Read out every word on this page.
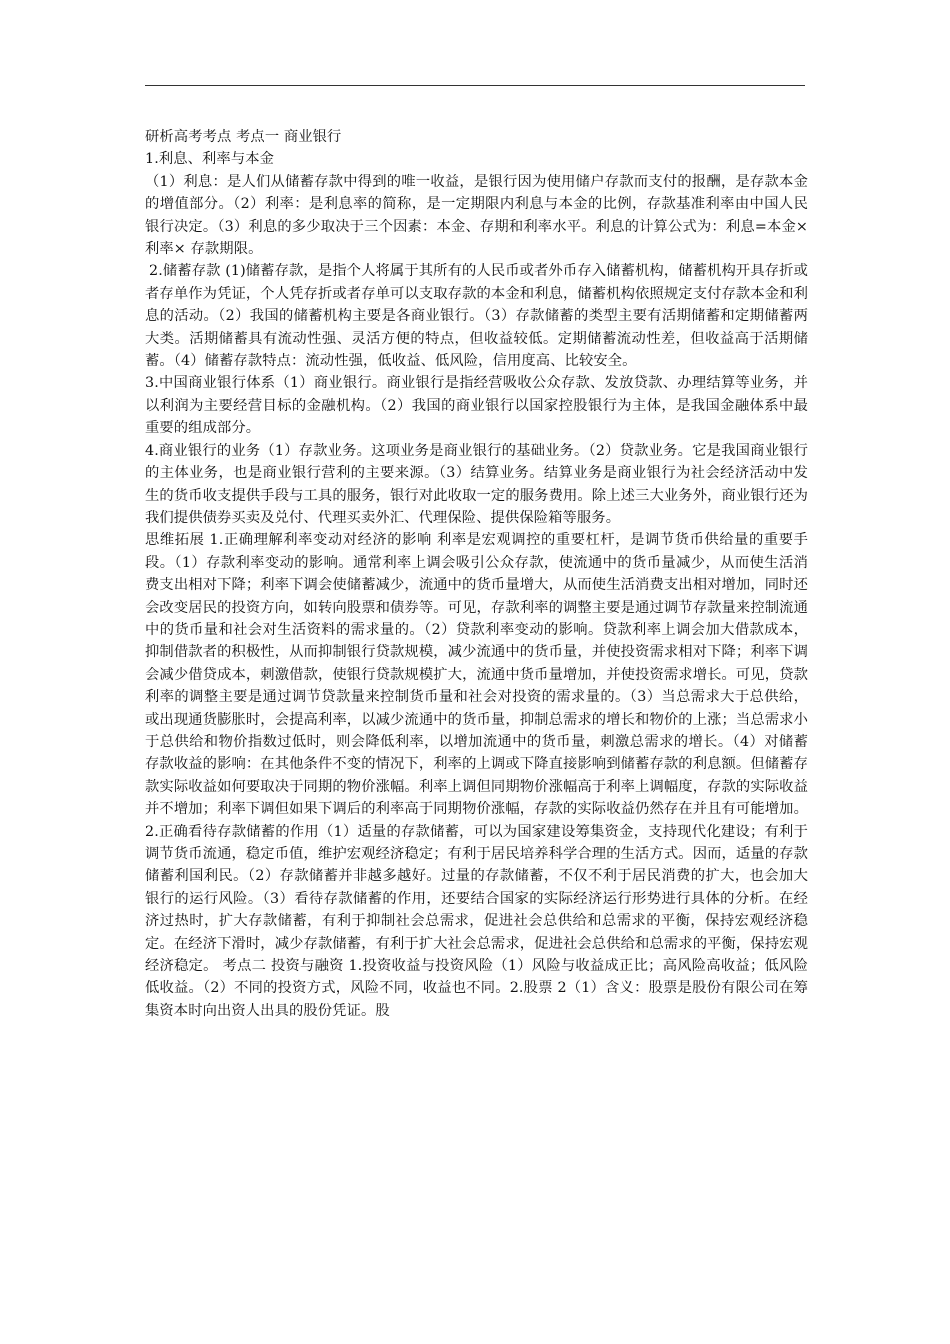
研析高考考点 考点一 商业银行

1.利息、利率与本金

（1）利息：是人们从储蓄存款中得到的唯一收益，是银行因为使用储户存款而支付的报酬，是存款本金的增值部分。（2）利率：是利息率的简称，是一定期限内利息与本金的比例，存款基准利率由中国人民银行决定。（3）利息的多少取决于三个因素：本金、存期和利率水平。利息的计算公式为：利息=本金×利率× 存款期限。

2.储蓄存款 (1)储蓄存款，是指个人将属于其所有的人民币或者外币存入储蓄机构，储蓄机构开具存折或者存单作为凭证，个人凭存折或者存单可以支取存款的本金和利息，储蓄机构依照规定支付存款本金和利息的活动。（2）我国的储蓄机构主要是各商业银行。（3）存款储蓄的类型主要有活期储蓄和定期储蓄两大类。活期储蓄具有流动性强、灵活方便的特点，但收益较低。定期储蓄流动性差，但收益高于活期储蓄。（4）储蓄存款特点：流动性强，低收益、低风险，信用度高、比较安全。

3.中国商业银行体系（1）商业银行。商业银行是指经营吸收公众存款、发放贷款、办理结算等业务，并以利润为主要经营目标的金融机构。（2）我国的商业银行以国家控股银行为主体，是我国金融体系中最重要的组成部分。

4.商业银行的业务（1）存款业务。这项业务是商业银行的基础业务。（2）贷款业务。它是我国商业银行的主体业务，也是商业银行营利的主要来源。（3）结算业务。结算业务是商业银行为社会经济活动中发生的货币收支提供手段与工具的服务，银行对此收取一定的服务费用。除上述三大业务外，商业银行还为我们提供债券买卖及兑付、代理买卖外汇、代理保险、提供保险箱等服务。

思维拓展 1.正确理解利率变动对经济的影响 利率是宏观调控的重要杠杆，是调节货币供给量的重要手段。（1）存款利率变动的影响。通常利率上调会吸引公众存款，使流通中的货币量减少，从而使生活消费支出相对下降；利率下调会使储蓄减少，流通中的货币量增大，从而使生活消费支出相对增加，同时还会改变居民的投资方向，如转向股票和债券等。可见，存款利率的调整主要是通过调节存款量来控制流通中的货币量和社会对生活资料的需求量的。（2）贷款利率变动的影响。贷款利率上调会加大借款成本，抑制借款者的积极性，从而抑制银行贷款规模，减少流通中的货币量，并使投资需求相对下降；利率下调会减少借贷成本，刺激借款，使银行贷款规模扩大，流通中货币量增加，并使投资需求增长。可见，贷款利率的调整主要是通过调节贷款量来控制货币量和社会对投资的需求量的。（3）当总需求大于总供给，或出现通货膨胀时，会提高利率，以减少流通中的货币量，抑制总需求的增长和物价的上涨；当总需求小于总供给和物价指数过低时，则会降低利率，以增加流通中的货币量，刺激总需求的增长。（4）对储蓄存款收益的影响：在其他条件不变的情况下，利率的上调或下降直接影响到储蓄存款的利息额。但储蓄存款实际收益如何要取决于同期的物价涨幅。利率上调但同期物价涨幅高于利率上调幅度，存款的实际收益并不增加；利率下调但如果下调后的利率高于同期物价涨幅，存款的实际收益仍然存在并且有可能增加。2.正确看待存款储蓄的作用（1）适量的存款储蓄，可以为国家建设筹集资金，支持现代化建设；有利于调节货币流通，稳定币值，维护宏观经济稳定；有利于居民培养科学合理的生活方式。因而，适量的存款储蓄利国利民。（2）存款储蓄并非越多越好。过量的存款储蓄，不仅不利于居民消费的扩大，也会加大银行的运行风险。（3）看待存款储蓄的作用，还要结合国家的实际经济运行形势进行具体的分析。在经济过热时，扩大存款储蓄，有利于抑制社会总需求，促进社会总供给和总需求的平衡，保持宏观经济稳定。在经济下滑时，减少存款储蓄，有利于扩大社会总需求，促进社会总供给和总需求的平衡，保持宏观经济稳定。 考点二 投资与融资 1.投资收益与投资风险（1）风险与收益成正比；高风险高收益；低风险低收益。（2）不同的投资方式，风险不同，收益也不同。2.股票 2（1）含义：股票是股份有限公司在筹集资本时向出资人出具的股份凭证。股
